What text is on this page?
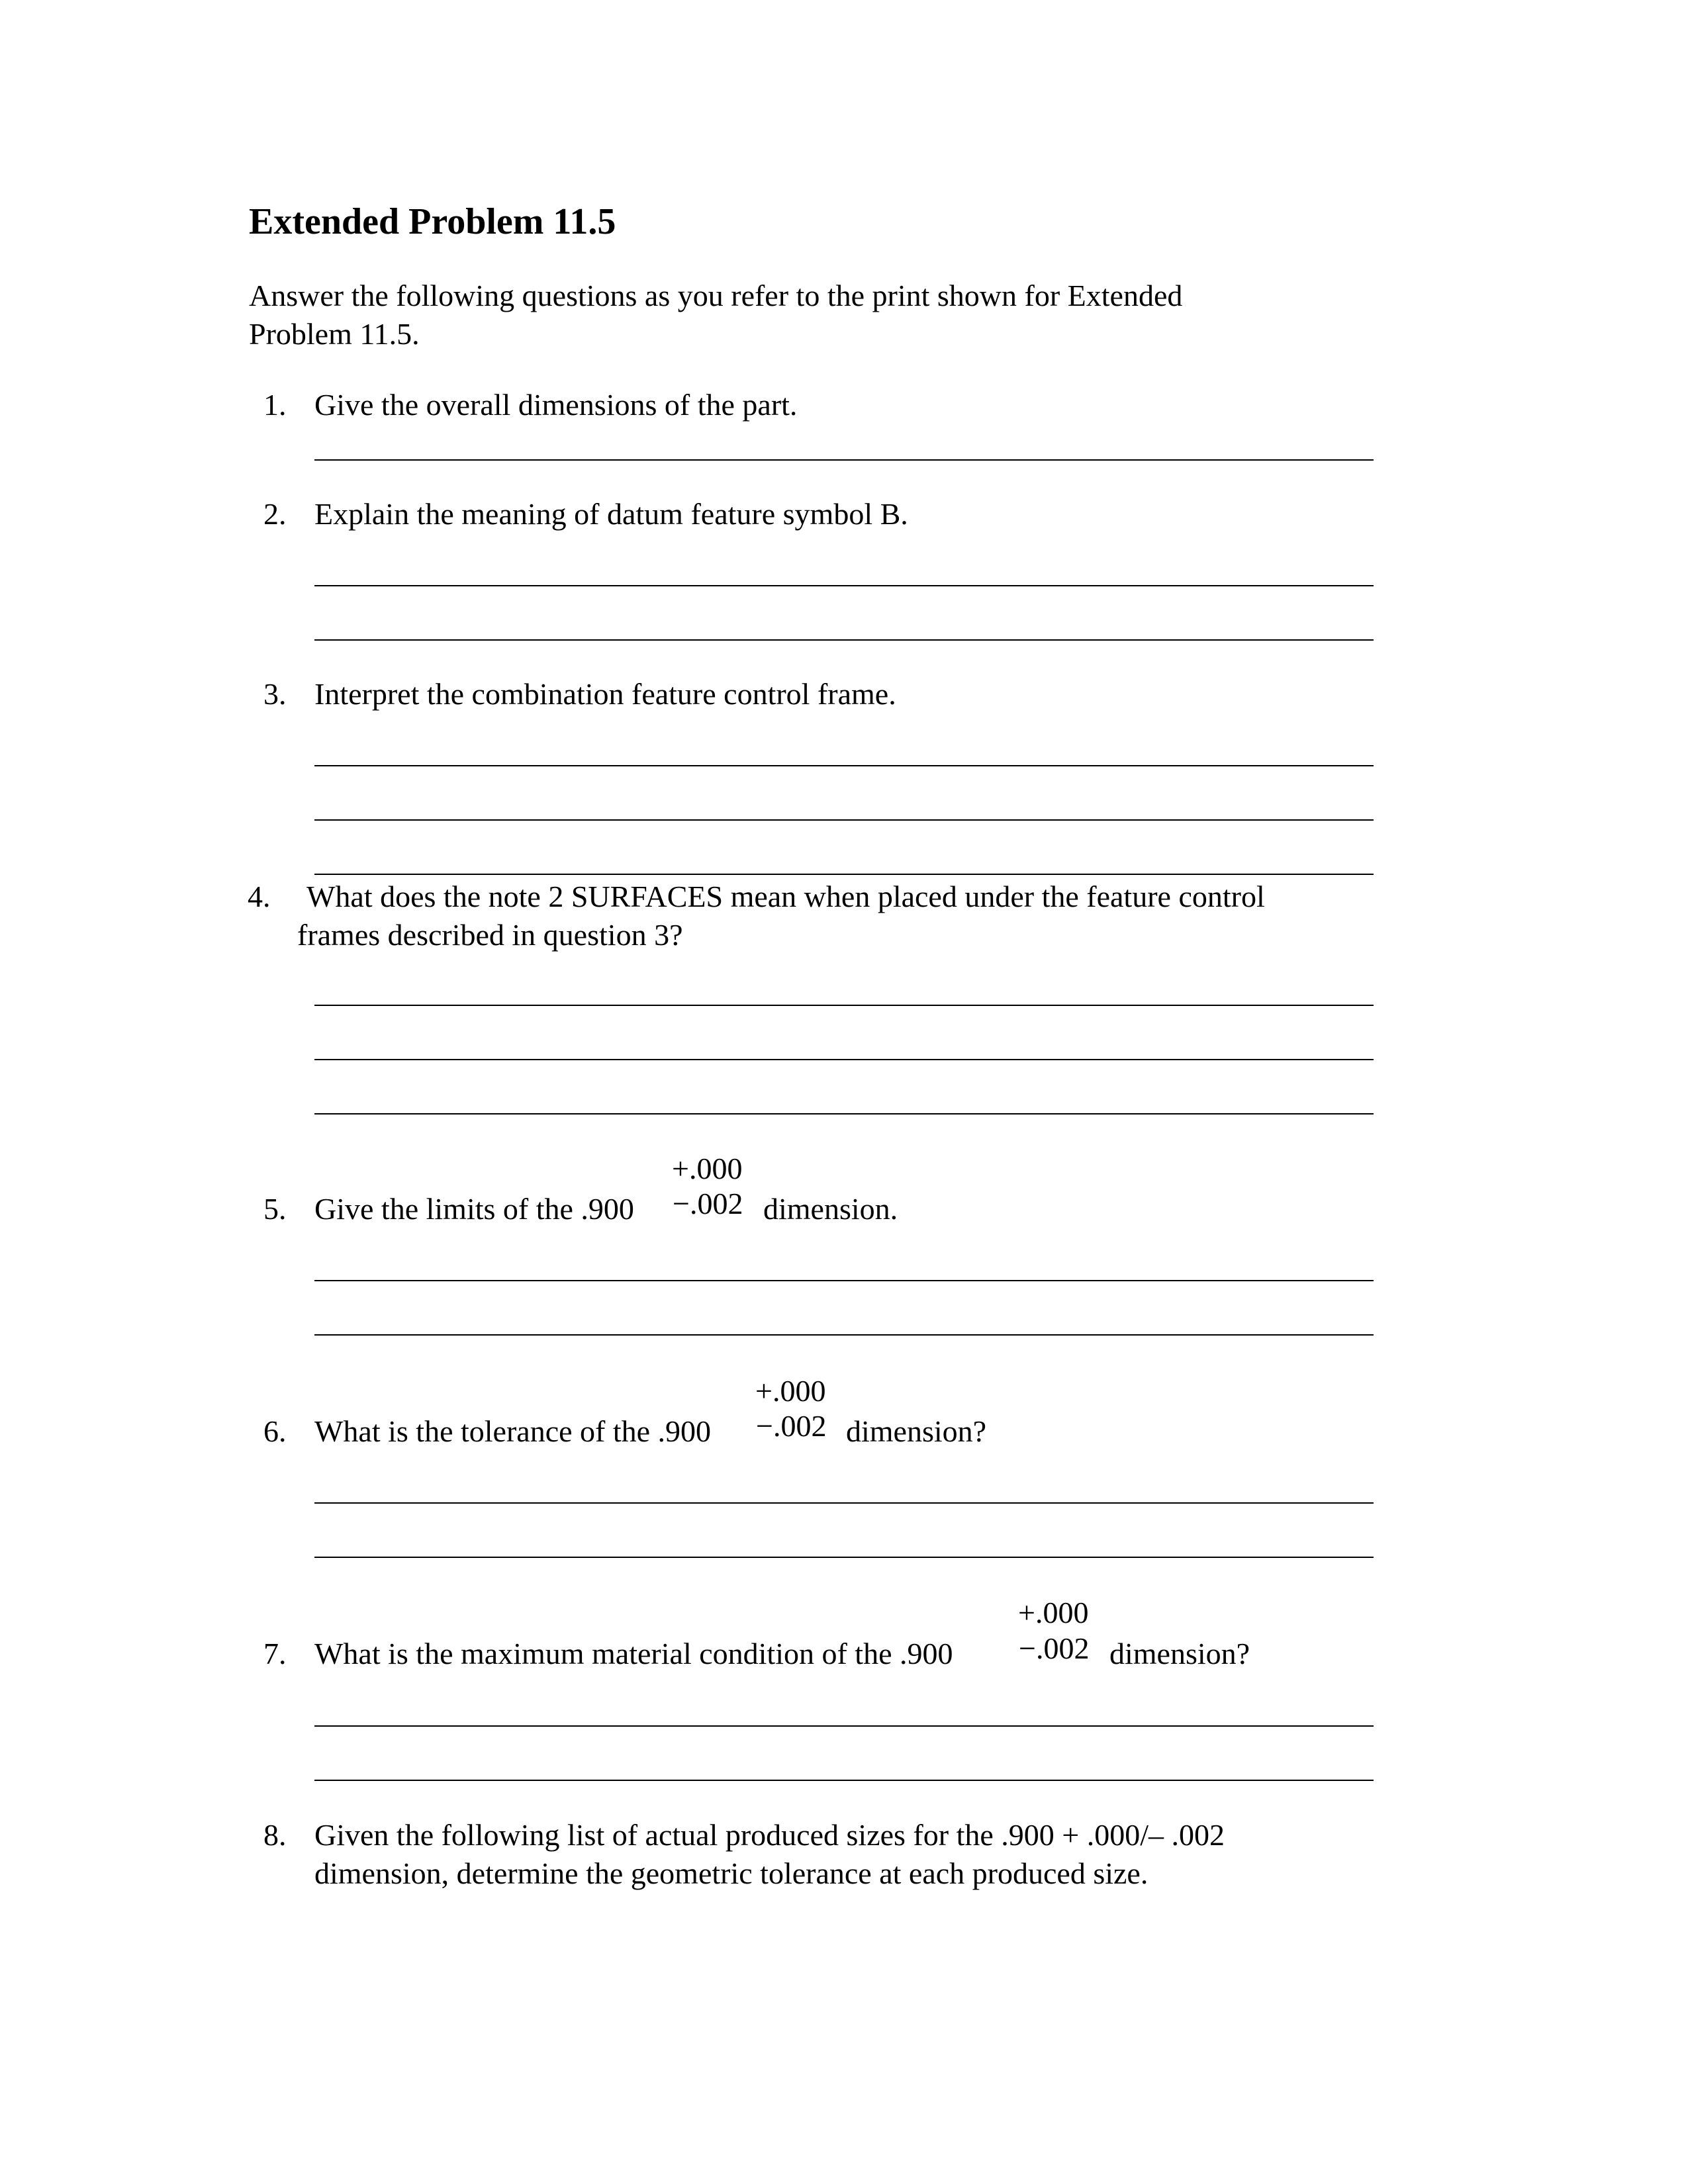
Extended Problem 11.5
Answer the following questions as you refer to the print shown for Extended
Problem 11.5.
1. Give the overall dimensions of the part.
2. Explain the meaning of datum feature symbol B.
3. Interpret the combination feature control frame.
4. What does the note 2 SURFACES mean when placed under the feature control
frames described in question 3?
+.000
5. Give the limits of the .900 −.002 dimension.
+.000
6. What is the tolerance of the .900 −.002 dimension?
+.000
7. What is the maximum material condition of the .900 −.002 dimension?
8. Given the following list of actual produced sizes for the .900 + .000/– .002
dimension, determine the geometric tolerance at each produced size.
